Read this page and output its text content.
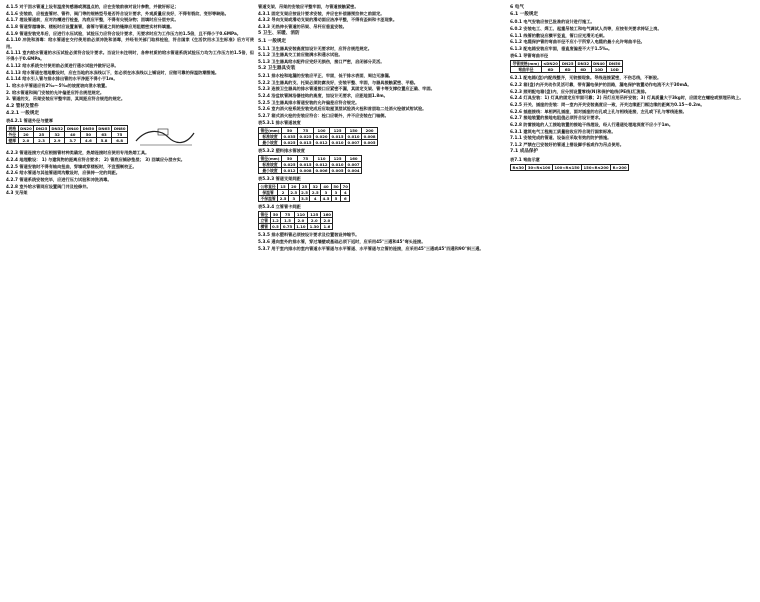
4.1.5 对于回水管道上设有温度传感器或测温点的，应在安装前核对设计参数，并做好标记；
4.1.6 安装前，应检查管材、管件、阀门等的规格型号是否符合设计要求，外观质量应良好，不得有裂纹、变形等缺陷。
4.1.7 埋设管道前，应对沟槽进行检查，沟底应平整，不得有尖锐杂物；回填时应分层夯实。
4.1.8 管道穿越墙体、楼板时应设置套管，套管与管道之间的缝隙应用阻燃密实材料填塞。
4.1.9 管道安装完毕后，应进行水压试验，试验压力应符合设计要求，无要求时应为工作压力的1.5倍，且不得小于0.6MPa。
4.1.10 冲洗和消毒：给水管道在交付使用前必须冲洗和消毒，并经有关部门取样检验，符合国家《生活饮用水卫生标准》后方可使用。
4.1.11 室内给水管道的水压试验必须符合设计要求。当设计未注明时，各种材质的给水管道系统试验压力均为工作压力的1.5倍，但不得小于0.6MPa。
4.1.12 给水系统交付使用前必须进行通水试验并做好记录。
4.1.13 给水管道在埋地敷设时，应在当地的冰冻线以下，如必须在冰冻线以上铺设时，应做可靠的保温防潮措施。
4.1.14 给水引入管与排水排出管的水平净距不得小于1m。
1. 给水水平管道应有2‰～5‰的坡度坡向泄水装置。
2. 给水管道和阀门安装的允许偏差应符合规范规定。
3. 管道的支、吊架安装应平整牢固，其间距应符合规范的规定。
4.2 管材及管件
4.2.1 一般规定
表4.2.1 管道外径与壁厚
规格	DN20	DN25	DN32	DN40	DN50	DN65	DN80
外径	20	25	32	40	50	63	75
壁厚	2.0	2.3	2.9	3.7	4.6	5.8	6.8
4.2.3 管道连接方式应根据管材种类确定，热熔连接时应使用专用热熔工具。
4.2.4 地埋敷设： 1) 与建筑物的距离应符合要求； 2) 管底应铺砂垫层； 3) 回填应分层夯实。
4.2.5 管道安装时不得有轴向扭曲，穿墙或穿楼板时，不宜强制校正。
4.2.6 给水管道与其他管道同沟敷设时，应保持一定的间距。
4.2.7 管道系统安装完毕，应进行压力试验和冲洗消毒。
4.2.8 室外给水管网应设置阀门井及检修井。
4.3 支吊架
管道支架、吊架的安装应平整牢固，与管道接触紧密。
4.3.1 固定支架应按设计要求安装，并应在补偿器预拉伸之前固定。
4.3.2 导向支架或滑动支架的滑动面应洁净平整，不得有歪斜和卡涩现象。
4.3.3 无热伸长管道的吊架、吊杆应垂直安装。
5 卫生、采暖、消防
5.1 一般规定
5.1.1 卫生器具安装高度如设计无要求时，应符合规范规定。
5.1.2 卫生器具交工前应做满水和通水试验。
5.1.3 卫生器具给水配件应完好无损伤，接口严密，启闭部分灵活。
5.2 卫生器具安装
5.2.1 排水栓和地漏的安装应平正、牢固，低于排水表面，周边无渗漏。
5.2.2 卫生器具的支、托架必须防腐良好，安装平整、牢固，与器具接触紧密、平稳。
5.2.3 连接卫生器具的排水管道接口应紧密不漏，其固定支架、管卡等支撑位置应正确、牢固。
5.2.4 浴盆软管淋浴器挂钩的高度，如设计无要求，应距地面1.8m。
5.2.5 卫生器具排水管道安装的允许偏差应符合规定。
5.2.6 室内消火栓系统安装完成后应取屋顶层试验消火栓和首层取二处消火栓做试射试验。
5.2.7 箱式消火栓的安装应符合：栓口应朝外，并不应安装在门轴侧。
表5.3.1 排水管道坡度
管径(mm)	50	75	100	125	150	200
标准坡度	0.035	0.025	0.020	0.015	0.010	0.008
最小坡度	0.025	0.015	0.012	0.010	0.007	0.005
表5.3.2 塑料排水管坡度
管径(mm)	50	75	110	125	160
标准坡度	0.025	0.015	0.012	0.010	0.007
最小坡度	0.012	0.008	0.006	0.005	0.004
表5.3.3 管道支架间距
公称直径	15	20	25	32	40	50	70
保温管	2	2.5	2.5	2.5	3	3	4
不保温管	2.5	3	3.5	4	4.5	5	6
表5.3.4 立管管卡间距
管径	50	75	110	125	160
立管	1.2	1.5	2.0	2.0	2.0
横管	0.5	0.75	1.10	1.30	1.6
5.3.5 排水塑料管必须按设计要求及位置装设伸缩节。
5.3.6 通向室外的排水管，穿过墙壁或基础必须下返时，应采用45°三通和45°弯头连接。
5.3.7 用于室内排水的室内管道水平管道与水平管道、水平管道与立管的连接，应采用45°三通或45°四通和90°斜三通。
6 电气
6.1 一般规定
6.0.1 电气安装应按已批准的设计进行施工。
6.0.2 安装电工、焊工、起重吊装工和电气调试人员等，应按有关要求持证上岗。
6.1.1 线管的敷设应横平竖直，管口应光滑无毛刺。
6.1.2 电缆保护管的弯曲半径不应小于所穿入电缆的最小允许弯曲半径。
6.1.3 配电箱安装应牢固，垂直度偏差不大于1.5‰。
表6.1 导管弯曲半径
导管规格(mm)	≤DN20	DN25	DN32	DN40	DN50
弯曲半径	6D	6D	6D	10D	10D
6.2.1 配电箱(盘)内配线整齐，无铰接现象。导线连接紧密，不伤芯线，不断股。
6.2.2 箱(盘)内开关动作灵活可靠，带有漏电保护的回路，漏电保护装置动作电流不大于30mA。
6.2.3 照明配电箱(盘)内，应分别设置零线(N)和保护地线(PE线)汇流排。
6.2.4 灯具安装：1) 灯具的固定应牢固可靠；2) 吊灯应用吊杆安装；3) 灯具质量大于3kg时，应固定在螺栓或预埋吊钩上。
6.2.5 开关、插座的安装：同一室内开关安装高度应一致，开关边缘距门框边缘的距离为0.15～0.2m。
6.2.6 插座接线：单相两孔插座，面对插座的右孔或上孔与相线连接，左孔或下孔与零线连接。
6.2.7 接地装置的接地电阻值必须符合设计要求。
6.2.8 防雷接地的人工接地装置的接地干线埋设，经人行通道处埋地深度不应小于1m。
6.3.1 建筑电气工程施工质量验收应符合现行国家标准。
7.1.1 安装完成的管道、设备应采取有效的防护措施。
7.1.2 严禁在已安装好的管道上搭设脚手板或作为吊点使用。
7.1 成品保护
表7.1 弯曲示意
R≤30	30<R≤100	100<R≤150	150<R≤200	R>200
